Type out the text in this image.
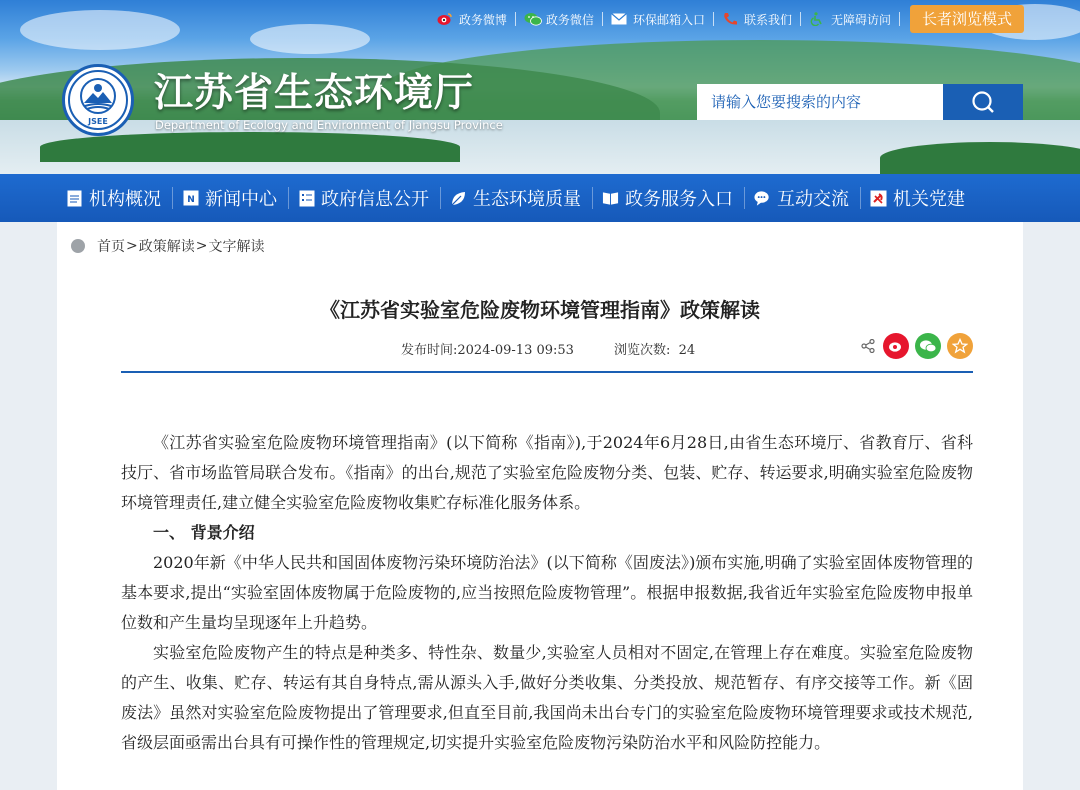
政务微博	政务微信	环保邮箱入口	联系我们	无障碍访问	长者浏览模式
JSEE
江苏省生态环境厅
Department of Ecology and Environment of Jiangsu Province
请输入您要搜索的内容
机构概况	N 新闻中心 政府信息公开 生态环境质量 政务服务入口 互动交流 机关党建
首页 > 政策解读 > 文字解读
《江苏省实验室危险废物环境管理指南》政策解读
发布时间:2024-09-13 09:53	浏览次数: 24

《江苏省实验室危险废物环境管理指南》(以下简称《指南》),于2024年6月28日,由省生态环境厅、省教育厅、省科技厅、省市场监管局联合发布。《指南》的出台,规范了实验室危险废物分类、包装、贮存、转运要求,明确实验室危险废物环境管理责任,建立健全实验室危险废物收集贮存标准化服务体系。

一、 背景介绍

2020年新《中华人民共和国固体废物污染环境防治法》(以下简称《固废法》)颁布实施,明确了实验室固体废物管理的基本要求,提出“实验室固体废物属于危险废物的,应当按照危险废物管理”。根据申报数据,我省近年实验室危险废物申报单位数和产生量均呈现逐年上升趋势。

实验室危险废物产生的特点是种类多、特性杂、数量少,实验室人员相对不固定,在管理上存在难度。实验室危险废物的产生、收集、贮存、转运有其自身特点,需从源头入手,做好分类收集、分类投放、规范暂存、有序交接等工作。新《固废法》虽然对实验室危险废物提出了管理要求,但直至目前,我国尚未出台专门的实验室危险废物环境管理要求或技术规范,省级层面亟需出台具有可操作性的管理规定,切实提升实验室危险废物污染防治水平和风险防控能力。
